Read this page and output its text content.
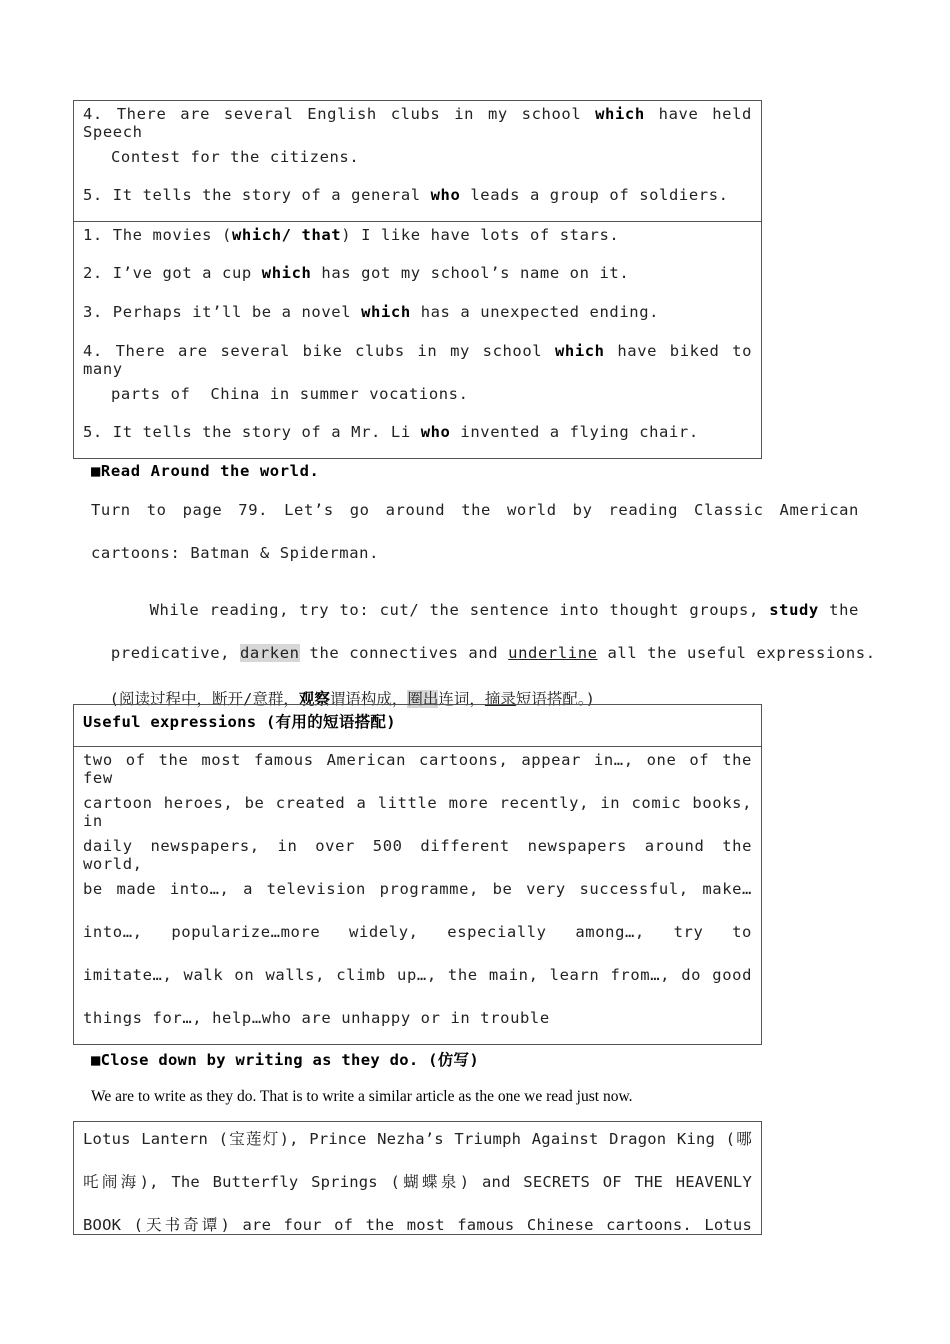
4. There are several English clubs in my school which have held Speech
Contest for the citizens.
5. It tells the story of a general who leads a group of soldiers.
1. The movies (which/ that) I like have lots of stars.
2. I’ve got a cup which has got my school’s name on it.
3. Perhaps it’ll be a novel which has a unexpected ending.
4. There are several bike clubs in my school which have biked to many
parts of  China in summer vocations.
5. It tells the story of a Mr. Li who invented a flying chair.
■Read Around the world.
Turn to page 79. Let’s go around the world by reading Classic American
cartoons: Batman & Spiderman.

While reading, try to: cut/ the sentence into thought groups, study the

predicative, darken the connectives and underline all the useful expressions.

(阅读过程中，断开/意群，观察谓语构成，圈出连词，摘录短语搭配。)

Useful expressions (有用的短语搭配)
two of the most famous American cartoons, appear in…, one of the few
cartoon heroes, be created a little more recently, in comic books, in
daily newspapers, in over 500 different newspapers around the world,
be made into…, a television programme, be very successful, make…
into…, popularize…more widely, especially among…, try to
imitate…, walk on walls, climb up…, the main, learn from…, do good
things for…, help…who are unhappy or in trouble
■Close down by writing as they do. (仿写)
We are to write as they do. That is to write a similar article as the one we read just now.
Lotus Lantern (宝莲灯), Prince Nezha’s Triumph Against Dragon King (哪
吒闹海), The Butterfly Springs (蝴蝶泉) and SECRETS OF THE HEAVENLY
BOOK (天书奇谭) are four of the most famous Chinese cartoons. Lotus
